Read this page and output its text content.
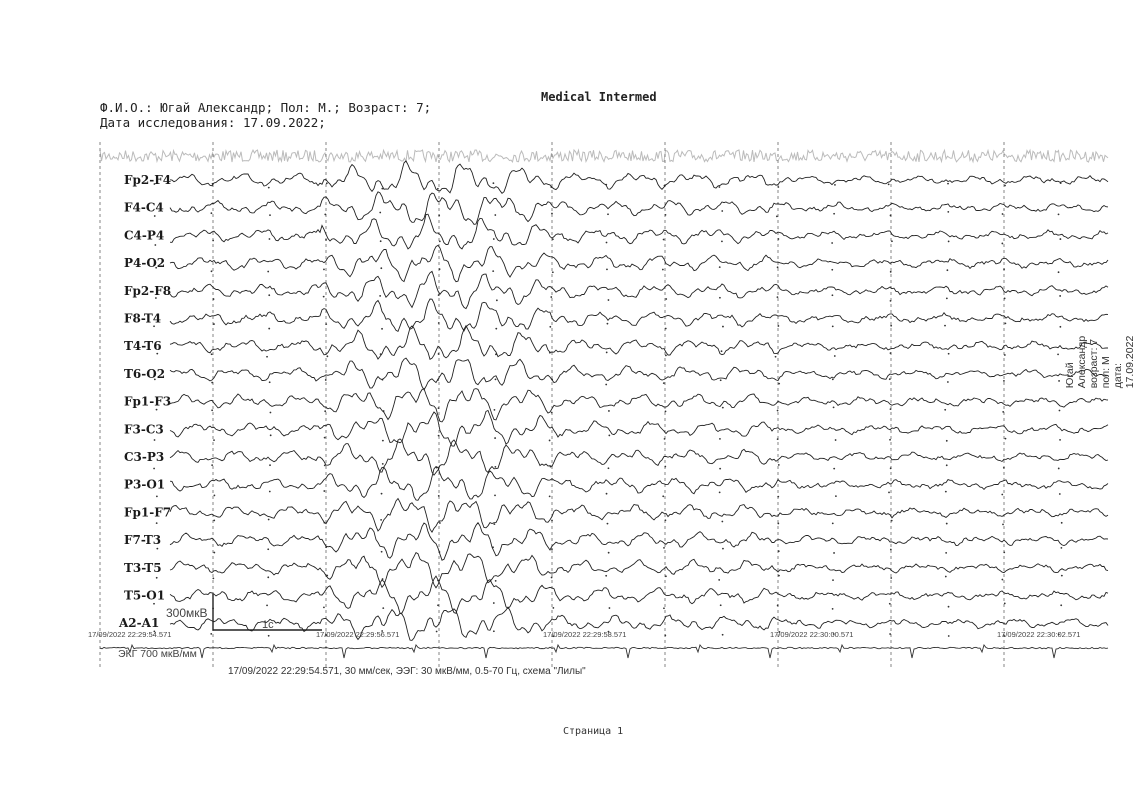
Medical Intermed
Ф.И.О.: Югай Александр; Пол: М.; Возраст: 7;
Дата исследования: 17.09.2022;
Fp2-F4
F4-C4
C4-P4
P4-O2
Fp2-F8
F8-T4
T4-T6
T6-O2
Fp1-F3
F3-C3
C3-P3
P3-O1
Fp1-F7
F7-T3
T3-T5
T5-O1
A2-A1
300мкВ
1с
17/09/2022 22:29:54.571	17/09/2022 22:29:56.571	17/09/2022 22:29:58.571	17/09/2022 22:30:00.571	17/09/2022 22:30:02.571
ЭКГ 700 мкВ/мм
Югай Александр возраст: 7 пол: М дата: 17.09.2022
17/09/2022 22:29:54.571, 30 мм/сек, ЭЭГ: 30 мкВ/мм, 0.5-70 Гц, схема "Лилы"
Страница 1
